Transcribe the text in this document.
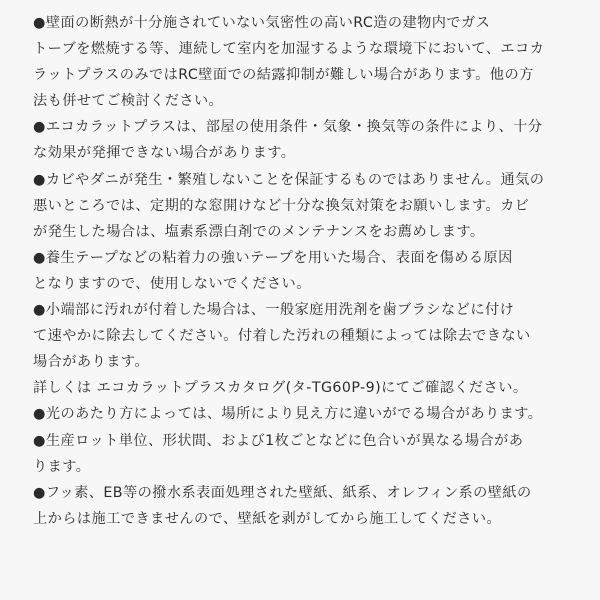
●壁面の断熱が十分施されていない気密性の高いRC造の建物内でガス
トーブを燃焼する等、連続して室内を加湿するような環境下において、エコカ
ラットプラスのみではRC壁面での結露抑制が難しい場合があります。他の方
法も併せてご検討ください。
●エコカラットプラスは、部屋の使用条件・気象・換気等の条件により、十分
な効果が発揮できない場合があります。
●カビやダニが発生・繁殖しないことを保証するものではありません。通気の
悪いところでは、定期的な窓開けなど十分な換気対策をお願いします。カビ
が発生した場合は、塩素系漂白剤でのメンテナンスをお薦めします。
●養生テープなどの粘着力の強いテープを用いた場合、表面を傷める原因
となりますので、使用しないでください。
●小端部に汚れが付着した場合は、一般家庭用洗剤を歯ブラシなどに付け
て速やかに除去してください。付着した汚れの種類によっては除去できない
場合があります。
詳しくは エコカラットプラスカタログ(タ-TG60P-9)にてご確認ください。
●光のあたり方によっては、場所により見え方に違いがでる場合があります。
●生産ロット単位、形状間、および1枚ごとなどに色合いが異なる場合があ
ります。
●フッ素、EB等の撥水系表面処理された壁紙、紙系、オレフィン系の壁紙の
上からは施工できませんので、壁紙を剥がしてから施工してください。
